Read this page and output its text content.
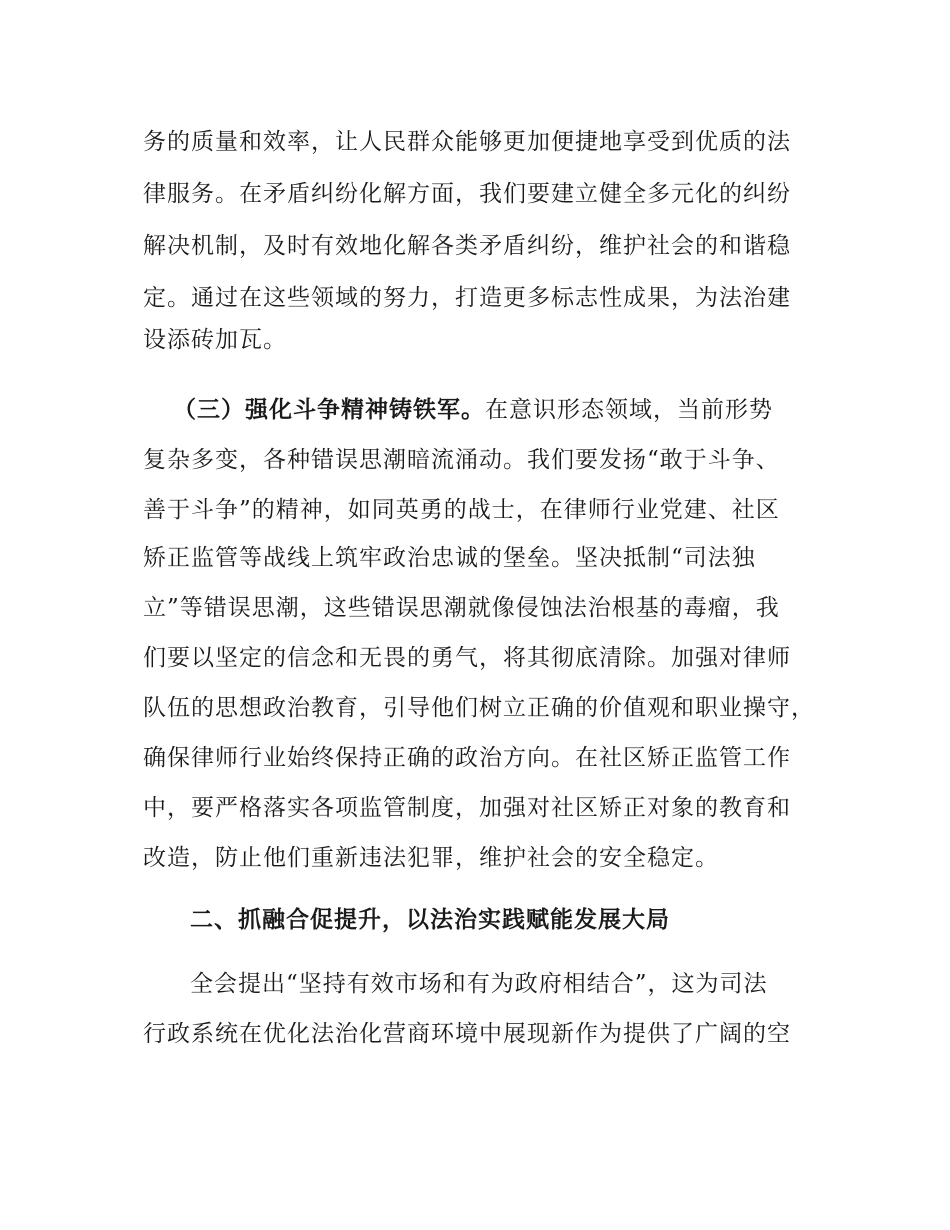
务的质量和效率，让人民群众能够更加便捷地享受到优质的法
律服务。在矛盾纠纷化解方面，我们要建立健全多元化的纠纷
解决机制，及时有效地化解各类矛盾纠纷，维护社会的和谐稳
定。通过在这些领域的努力，打造更多标志性成果，为法治建
设添砖加瓦。
（三）强化斗争精神铸铁军。在意识形态领域，当前形势
复杂多变，各种错误思潮暗流涌动。我们要发扬“敢于斗争、
善于斗争”的精神，如同英勇的战士，在律师行业党建、社区
矫正监管等战线上筑牢政治忠诚的堡垒。坚决抵制“司法独
立”等错误思潮，这些错误思潮就像侵蚀法治根基的毒瘤，我
们要以坚定的信念和无畏的勇气，将其彻底清除。加强对律师
队伍的思想政治教育，引导他们树立正确的价值观和职业操守，
确保律师行业始终保持正确的政治方向。在社区矫正监管工作
中，要严格落实各项监管制度，加强对社区矫正对象的教育和
改造，防止他们重新违法犯罪，维护社会的安全稳定。
二、抓融合促提升，以法治实践赋能发展大局
全会提出“坚持有效市场和有为政府相结合”，这为司法
行政系统在优化法治化营商环境中展现新作为提供了广阔的空
